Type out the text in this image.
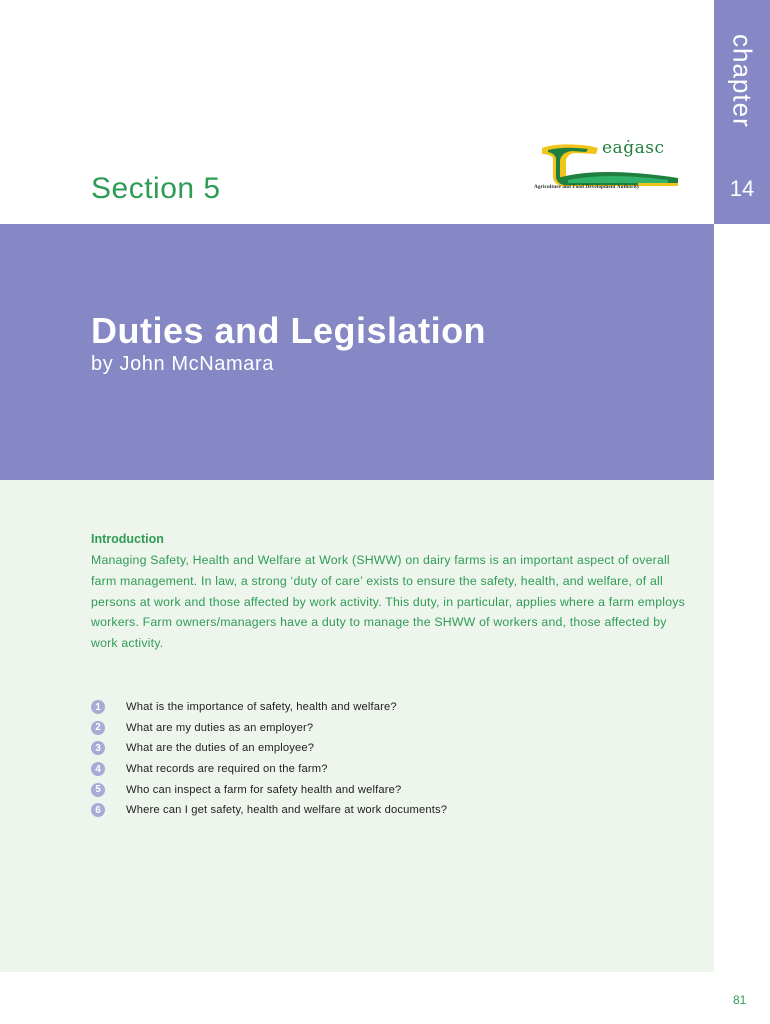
chapter
14
Section 5
eaġasc
Agriculture and Food Development Authority
Duties and Legislation
by John McNamara
Introduction
Managing Safety, Health and Welfare at Work (SHWW) on dairy farms is an important aspect of overall farm management. In law, a strong ‘duty of care’ exists to ensure the safety, health, and welfare, of all persons at work and those affected by work activity. This duty, in particular, applies where a farm employs workers. Farm owners/managers have a duty to manage the SHWW of workers and, those affected by work activity.
1	What is the importance of safety, health and welfare?
2	What are my duties as an employer?
3	What are the duties of an employee?
4	What records are required on the farm?
5	Who can inspect a farm for safety health and welfare?
6	Where can I get safety, health and welfare at work documents?
81
